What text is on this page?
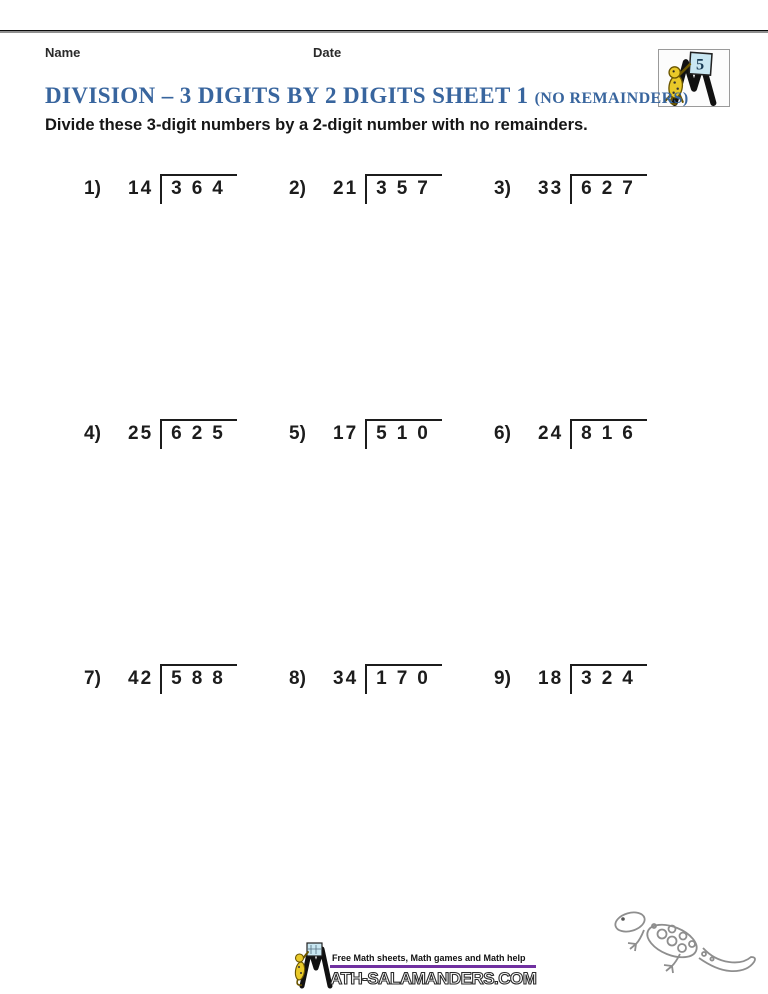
Name	Date
5
DIVISION – 3 DIGITS BY 2 DIGITS SHEET 1 (NO REMAINDERS)

Divide these 3-digit numbers by a 2-digit number with no remainders.

1)	14 364	2)	21 357	3)	33 627
4)	25 625	5)	17 510	6)	24 816
7)	42 588	8)	34 170	9)	18 324
Free Math sheets, Math games and Math help
ATH-SALAMANDERS.COM
